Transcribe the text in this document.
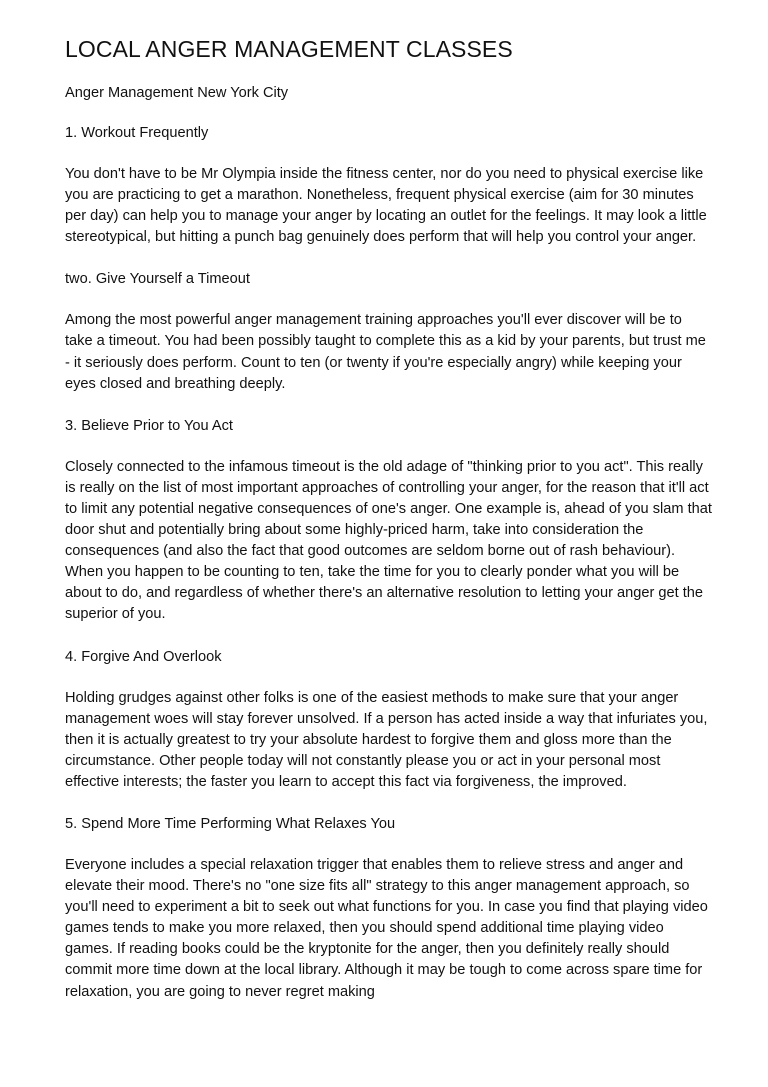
LOCAL ANGER MANAGEMENT CLASSES

Anger Management New York City

1. Workout Frequently

You don't have to be Mr Olympia inside the fitness center, nor do you need to physical exercise like you are practicing to get a marathon. Nonetheless, frequent physical exercise (aim for 30 minutes per day) can help you to manage your anger by locating an outlet for the feelings. It may look a little stereotypical, but hitting a punch bag genuinely does perform that will help you control your anger.

two. Give Yourself a Timeout

Among the most powerful anger management training approaches you'll ever discover will be to take a timeout. You had been possibly taught to complete this as a kid by your parents, but trust me - it seriously does perform. Count to ten (or twenty if you're especially angry) while keeping your eyes closed and breathing deeply.

3. Believe Prior to You Act

Closely connected to the infamous timeout is the old adage of "thinking prior to you act". This really is really on the list of most important approaches of controlling your anger, for the reason that it'll act to limit any potential negative consequences of one's anger. One example is, ahead of you slam that door shut and potentially bring about some highly-priced harm, take into consideration the consequences (and also the fact that good outcomes are seldom borne out of rash behaviour). When you happen to be counting to ten, take the time for you to clearly ponder what you will be about to do, and regardless of whether there's an alternative resolution to letting your anger get the superior of you.

4. Forgive And Overlook

Holding grudges against other folks is one of the easiest methods to make sure that your anger management woes will stay forever unsolved. If a person has acted inside a way that infuriates you, then it is actually greatest to try your absolute hardest to forgive them and gloss more than the circumstance. Other people today will not constantly please you or act in your personal most effective interests; the faster you learn to accept this fact via forgiveness, the improved.

5. Spend More Time Performing What Relaxes You

Everyone includes a special relaxation trigger that enables them to relieve stress and anger and elevate their mood. There's no "one size fits all" strategy to this anger management approach, so you'll need to experiment a bit to seek out what functions for you. In case you find that playing video games tends to make you more relaxed, then you should spend additional time playing video games. If reading books could be the kryptonite for the anger, then you definitely really should commit more time down at the local library. Although it may be tough to come across spare time for relaxation, you are going to never regret making
